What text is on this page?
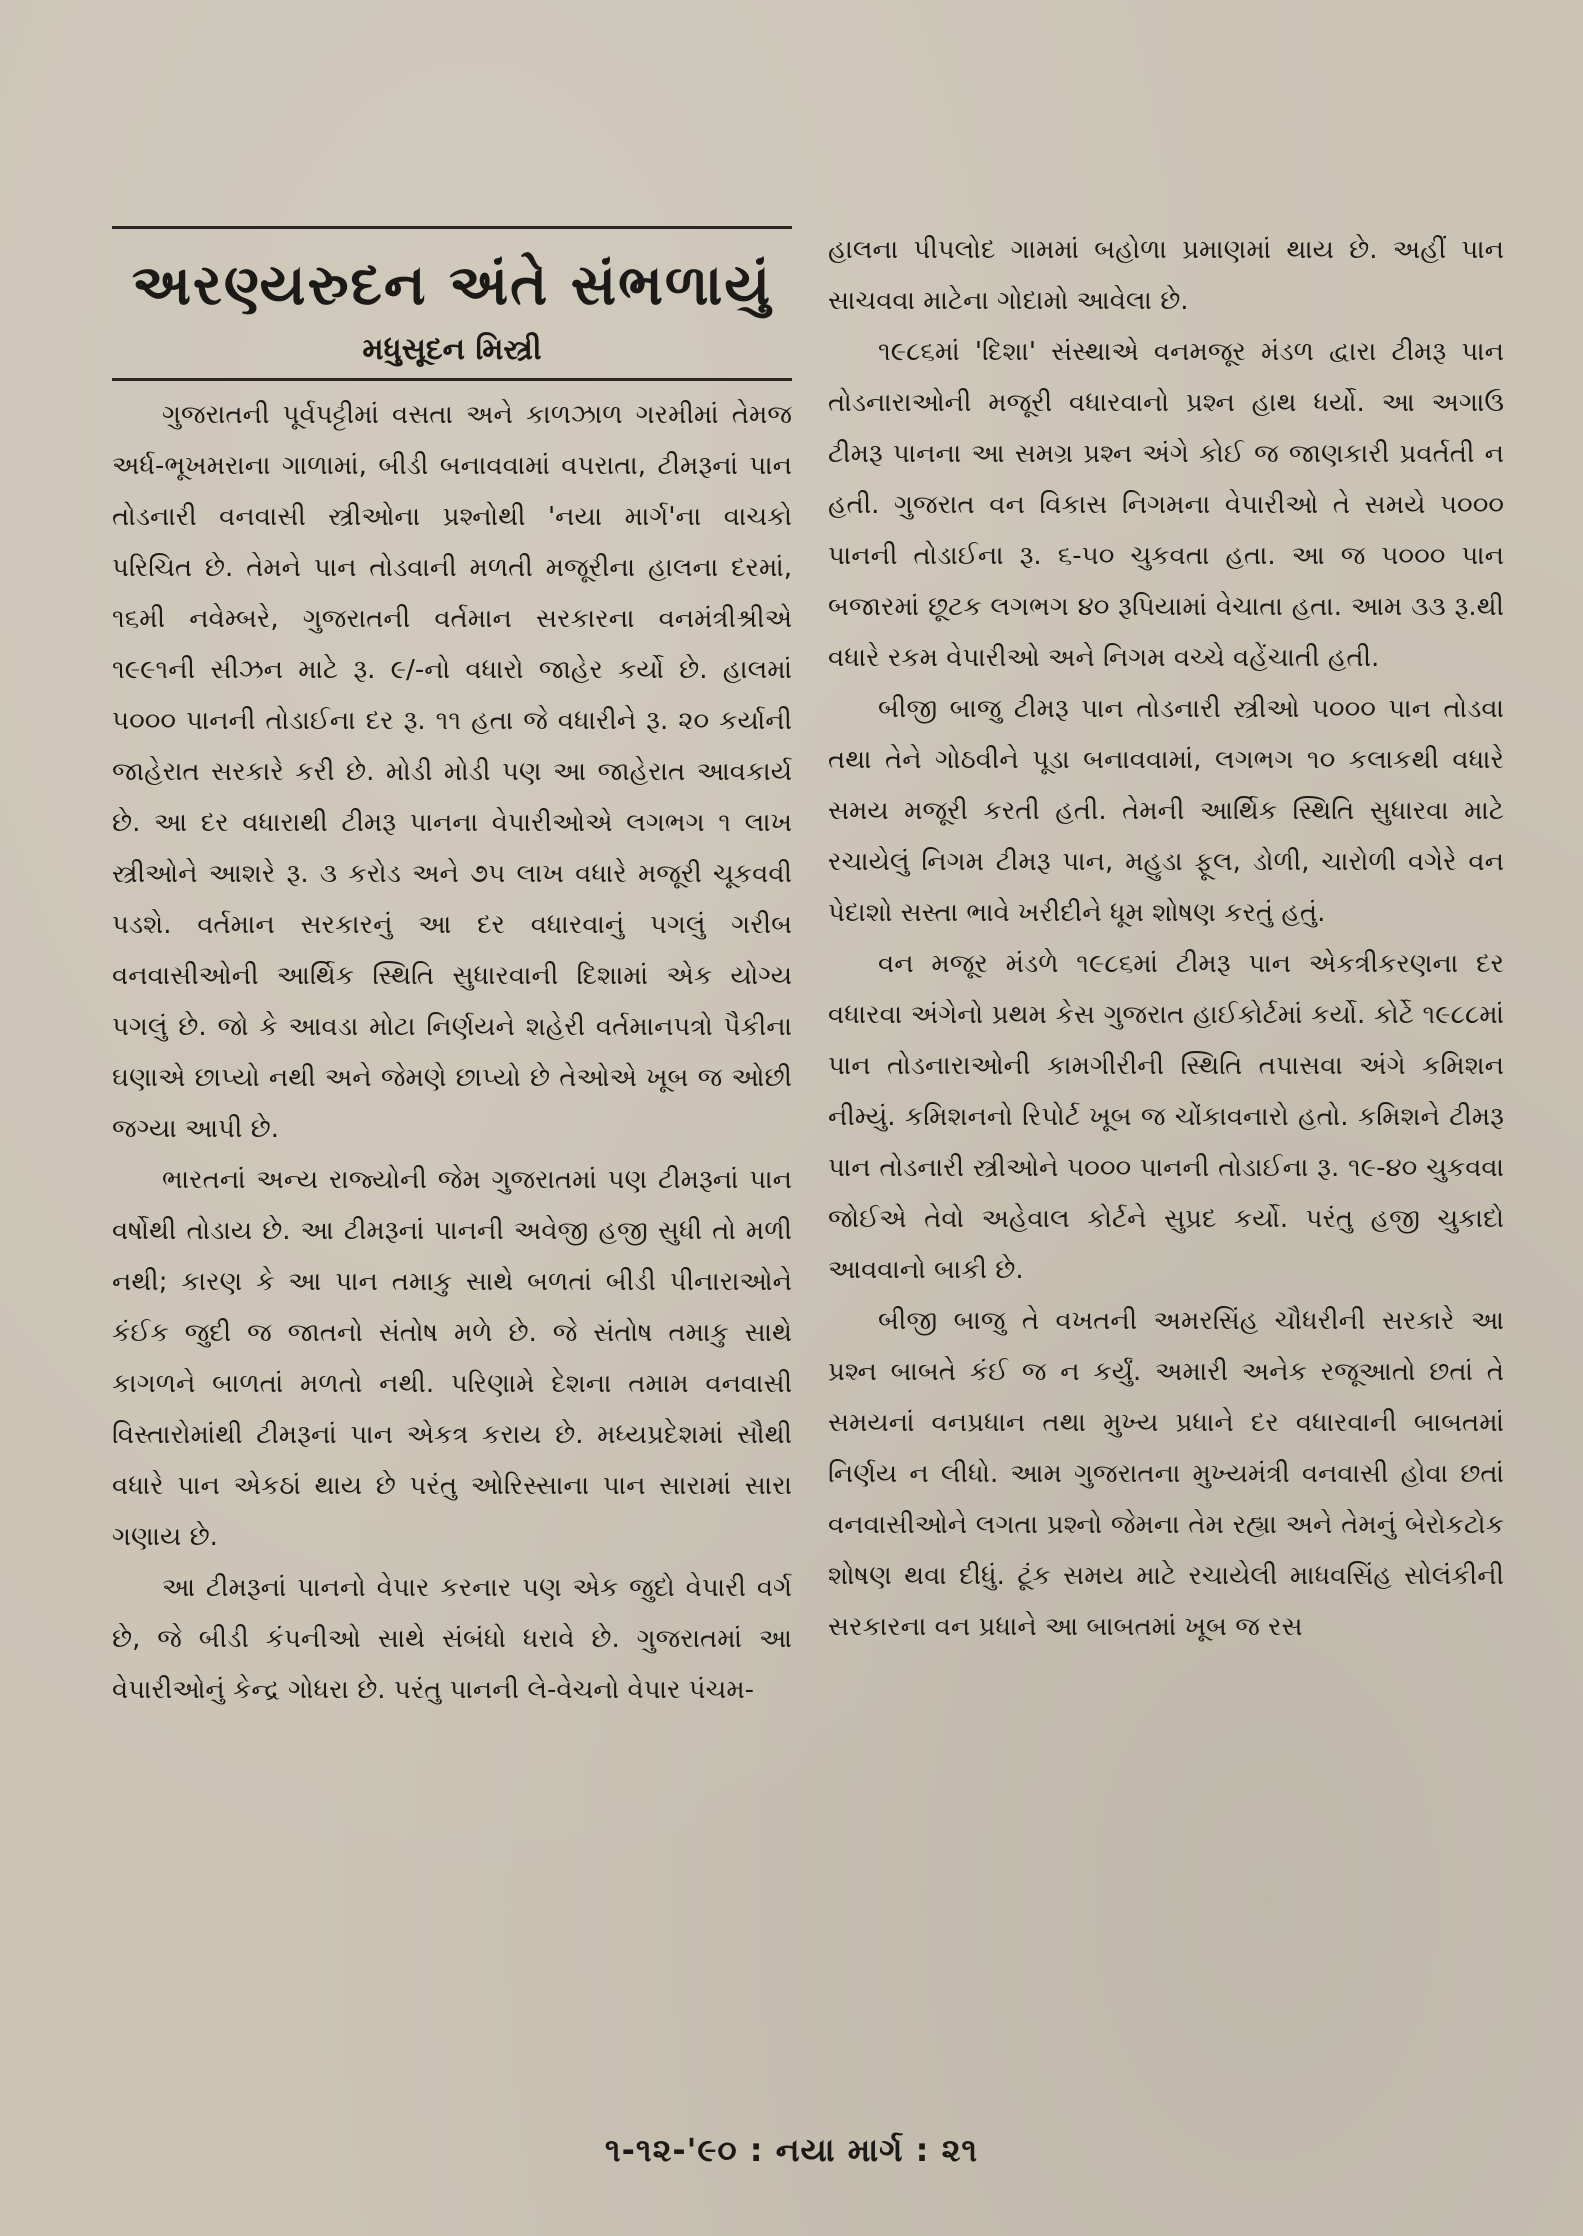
અરણ્યરુદન અંતે સંભળાયું
મધુસૂદન મિસ્ત્રી

ગુજરાતની પૂર્વપટ્ટીમાં વસતા અને કાળઝાળ ગરમીમાં તેમજ અર્ધ-ભૂખમરાના ગાળામાં, બીડી બનાવવામાં વપરાતા, ટીમરૂનાં પાન તોડનારી વનવાસી સ્ત્રીઓના પ્રશ્નોથી 'નયા માર્ગ'ના વાચકો પરિચિત છે. તેમને પાન તોડવાની મળતી મજૂરીના હાલના દરમાં, ૧૬મી નવેમ્બરે, ગુજરાતની વર્તમાન સરકારના વનમંત્રીશ્રીએ ૧૯૯૧ની સીઝન માટે રૂ. ૯/-નો વધારો જાહેર કર્યો છે. હાલમાં ૫૦૦૦ પાનની તોડાઈના દર રૂ. ૧૧ હતા જે વધારીને રૂ. ૨૦ કર્યાની જાહેરાત સરકારે કરી છે. મોડી મોડી પણ આ જાહેરાત આવકાર્ય છે. આ દર વધારાથી ટીમરૂ પાનના વેપારીઓએ લગભગ ૧ લાખ સ્ત્રીઓને આશરે રૂ. ૩ કરોડ અને ૭૫ લાખ વધારે મજૂરી ચૂકવવી પડશે. વર્તમાન સરકારનું આ દર વધારવાનું પગલું ગરીબ વનવાસીઓની આર્થિક સ્થિતિ સુધારવાની દિશામાં એક યોગ્ય પગલું છે. જો કે આવડા મોટા નિર્ણયને શહેરી વર્તમાનપત્રો પૈકીના ઘણાએ છાપ્યો નથી અને જેમણે છાપ્યો છે તેઓએ ખૂબ જ ઓછી જગ્યા આપી છે.

ભારતનાં અન્ય રાજ્યોની જેમ ગુજરાતમાં પણ ટીમરૂનાં પાન વર્ષોથી તોડાય છે. આ ટીમરૂનાં પાનની અવેજી હજી સુધી તો મળી નથી; કારણ કે આ પાન તમાકુ સાથે બળતાં બીડી પીનારાઓને કંઈક જુદી જ જાતનો સંતોષ મળે છે. જે સંતોષ તમાકુ સાથે કાગળને બાળતાં મળતો નથી. પરિણામે દેશના તમામ વનવાસી વિસ્તારોમાંથી ટીમરૂનાં પાન એકત્ર કરાય છે. મધ્યપ્રદેશમાં સૌથી વધારે પાન એકઠાં થાય છે પરંતુ ઓરિસ્સાના પાન સારામાં સારા ગણાય છે.

આ ટીમરૂનાં પાનનો વેપાર કરનાર પણ એક જુદો વેપારી વર્ગ છે, જે બીડી કંપનીઓ સાથે સંબંધો ધરાવે છે. ગુજરાતમાં આ વેપારીઓનું કેન્દ્ર ગોધરા છે. પરંતુ પાનની લે-વેચનો વેપાર પંચમ-

હાલના પીપલોદ ગામમાં બહોળા પ્રમાણમાં થાય છે. અહીં પાન સાચવવા માટેના ગોદામો આવેલા છે.

૧૯૮૬માં 'દિશા' સંસ્થાએ વનમજૂર મંડળ દ્વારા ટીમરૂ પાન તોડનારાઓની મજૂરી વધારવાનો પ્રશ્ન હાથ ધર્યો. આ અગાઉ ટીમરૂ પાનના આ સમગ્ર પ્રશ્ન અંગે કોઈ જ જાણકારી પ્રવર્તતી ન હતી. ગુજરાત વન વિકાસ નિગમના વેપારીઓ તે સમયે ૫૦૦૦ પાનની તોડાઈના રૂ. ૬-૫૦ ચુકવતા હતા. આ જ ૫૦૦૦ પાન બજારમાં છૂટક લગભગ ૪૦ રૂપિયામાં વેચાતા હતા. આમ ૩૩ રૂ.થી વધારે રકમ વેપારીઓ અને નિગમ વચ્ચે વહેંચાતી હતી.

બીજી બાજુ ટીમરૂ પાન તોડનારી સ્ત્રીઓ ૫૦૦૦ પાન તોડવા તથા તેને ગોઠવીને પૂડા બનાવવામાં, લગભગ ૧૦ કલાકથી વધારે સમય મજૂરી કરતી હતી. તેમની આર્થિક સ્થિતિ સુધારવા માટે રચાયેલું નિગમ ટીમરૂ પાન, મહુડા ફૂલ, ડોળી, ચારોળી વગેરે વન પેદાશો સસ્તા ભાવે ખરીદીને ધૂમ શોષણ કરતું હતું.

વન મજૂર મંડળે ૧૯૮૬માં ટીમરૂ પાન એકત્રીકરણના દર વધારવા અંગેનો પ્રથમ કેસ ગુજરાત હાઈકોર્ટમાં કર્યો. કોર્ટે ૧૯૮૮માં પાન તોડનારાઓની કામગીરીની સ્થિતિ તપાસવા અંગે કમિશન નીમ્યું. કમિશનનો રિપોર્ટ ખૂબ જ ચોંકાવનારો હતો. કમિશને ટીમરૂ પાન તોડનારી સ્ત્રીઓને ૫૦૦૦ પાનની તોડાઈના રૂ. ૧૯-૪૦ ચુકવવા જોઈએ તેવો અહેવાલ કોર્ટને સુપ્રદ કર્યો. પરંતુ હજી ચુકાદો આવવાનો બાકી છે.

બીજી બાજુ તે વખતની અમરસિંહ ચૌધરીની સરકારે આ પ્રશ્ન બાબતે કંઈ જ ન કર્યું. અમારી અનેક રજૂઆતો છતાં તે સમયનાં વનપ્રધાન તથા મુખ્ય પ્રધાને દર વધારવાની બાબતમાં નિર્ણય ન લીધો. આમ ગુજરાતના મુખ્યમંત્રી વનવાસી હોવા છતાં વનવાસીઓને લગતા પ્રશ્નો જેમના તેમ રહ્યા અને તેમનું બેરોકટોક શોષણ થવા દીધું. ટૂંક સમય માટે રચાયેલી માધવસિંહ સોલંકીની સરકારના વન પ્રધાને આ બાબતમાં ખૂબ જ રસ

૧-૧૨-'૯૦ : નયા માર્ગ : ૨૧
